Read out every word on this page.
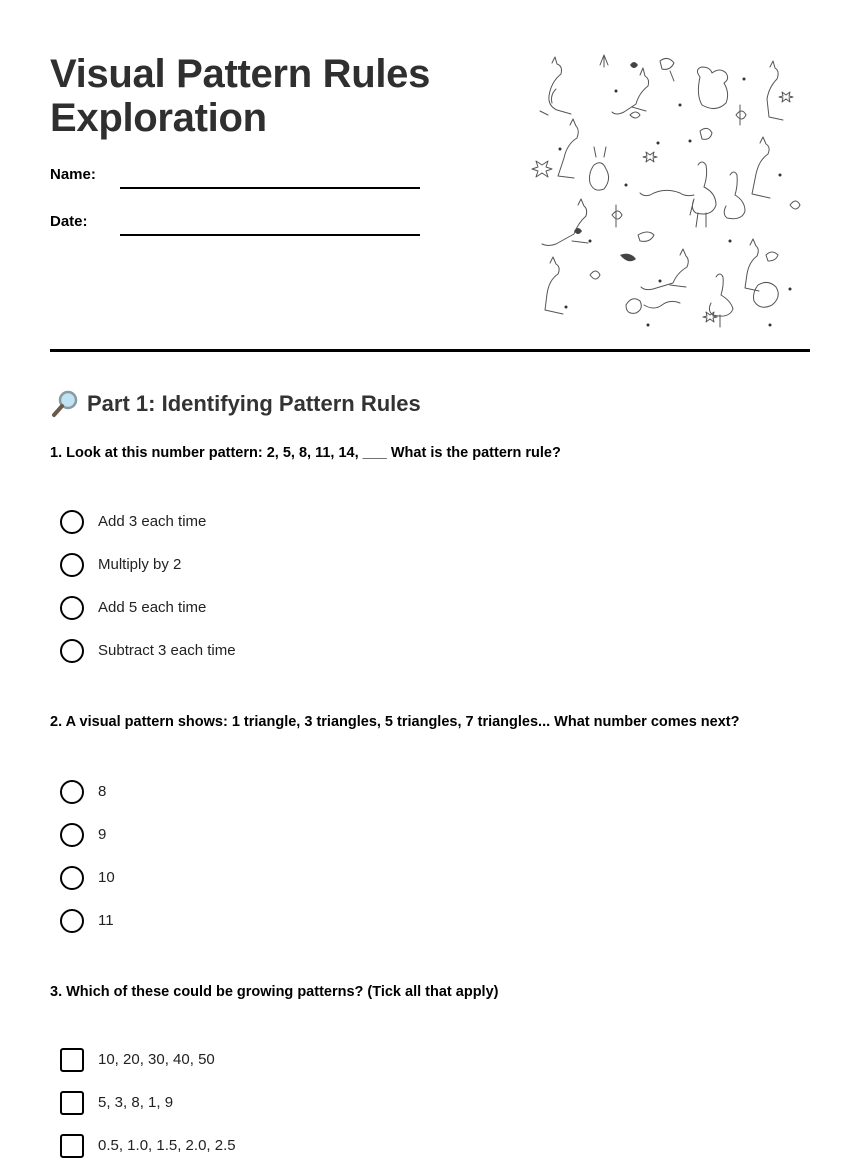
Visual Pattern Rules
Exploration
Name:
Date:
Part 1: Identifying Pattern Rules

1. Look at this number pattern: 2, 5, 8, 11, 14, ___ What is the pattern rule?

Add 3 each time
Multiply by 2
Add 5 each time
Subtract 3 each time

2. A visual pattern shows: 1 triangle, 3 triangles, 5 triangles, 7 triangles... What number comes next?

8
9
10
11

3. Which of these could be growing patterns? (Tick all that apply)

10, 20, 30, 40, 50
5, 3, 8, 1, 9
0.5, 1.0, 1.5, 2.0, 2.5
